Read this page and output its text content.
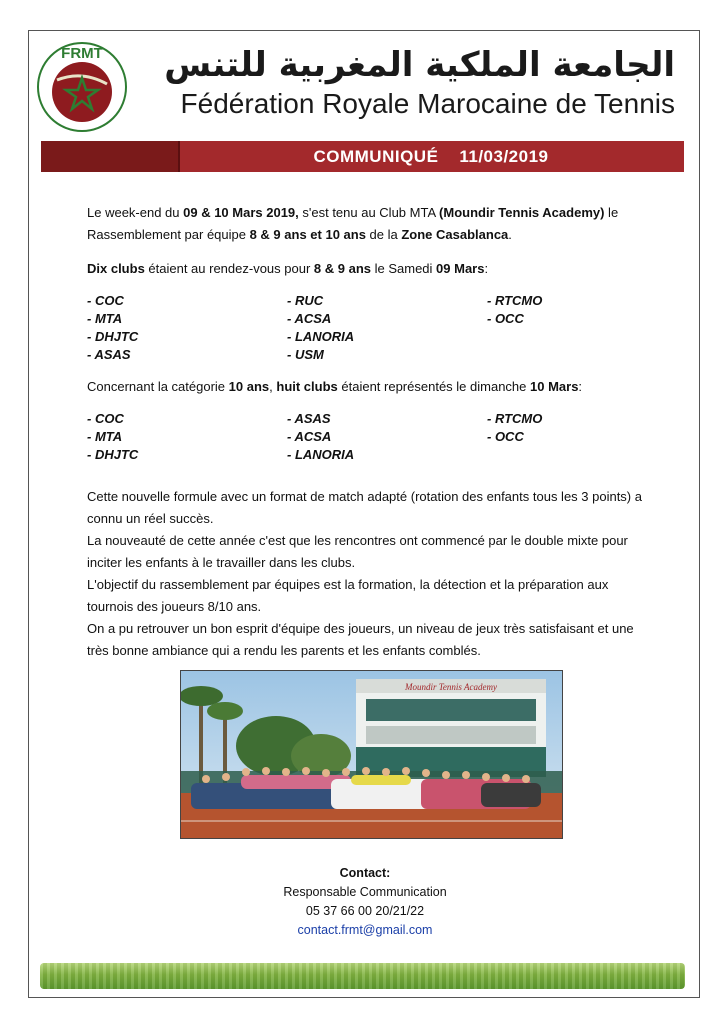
FRMT	الجامعة الملكية المغربية للتنس
Fédération Royale Marocaine de Tennis
COMMUNIQUÉ 11/03/2019

Le week-end du 09 & 10 Mars 2019, s'est tenu au Club MTA (Moundir Tennis Academy) le Rassemblement par équipe 8 & 9 ans et 10 ans de la Zone Casablanca.

Dix clubs étaient au rendez-vous pour 8 & 9 ans le Samedi 09 Mars:

- COC	- RUC	- RTCMO
- MTA	- ACSA	- OCC
- DHJTC	- LANORIA
- ASAS	- USM

Concernant la catégorie 10 ans, huit clubs étaient représentés le dimanche 10 Mars:

- COC	- ASAS	- RTCMO
- MTA	- ACSA	- OCC
- DHJTC	- LANORIA

Cette nouvelle formule avec un format de match adapté (rotation des enfants tous les 3 points) a connu un réel succès.

La nouveauté de cette année c'est que les rencontres ont commencé par le double mixte pour inciter les enfants à le travailler dans les clubs.

L'objectif du rassemblement par équipes est la formation, la détection et la préparation aux tournois des joueurs 8/10 ans.

On a pu retrouver un bon esprit d'équipe des joueurs, un niveau de jeux très satisfaisant et une très bonne ambiance qui a rendu les parents et les enfants comblés.

Moundir Tennis Academy
Contact:
Responsable Communication
05 37 66 00 20/21/22
contact.frmt@gmail.com
